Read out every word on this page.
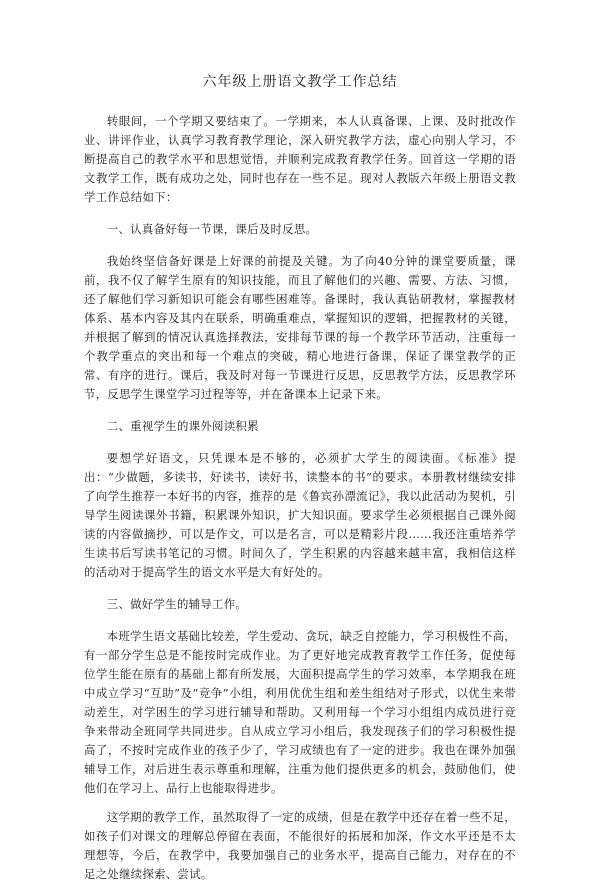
六年级上册语文教学工作总结

转眼间，一个学期又要结束了。一学期来，本人认真备课、上课、及时批改作业、讲评作业，认真学习教育教学理论，深入研究教学方法，虚心向别人学习，不断提高自己的教学水平和思想觉悟，并顺利完成教育教学任务。回首这一学期的语文教学工作，既有成功之处，同时也存在一些不足。现对人教版六年级上册语文教学工作总结如下：

一、认真备好每一节课，课后及时反思。

我始终坚信备好课是上好课的前提及关键。为了向40分钟的课堂要质量，课前，我不仅了解学生原有的知识技能，而且了解他们的兴趣、需要、方法、习惯，还了解他们学习新知识可能会有哪些困难等。备课时，我认真钻研教材，掌握教材体系、基本内容及其内在联系，明确重难点，掌握知识的逻辑，把握教材的关键，并根据了解到的情况认真选择教法，安排每节课的每一个教学环节活动，注重每一个教学重点的突出和每一个难点的突破，精心地进行备课，保证了课堂教学的正常、有序的进行。课后，我及时对每一节课进行反思，反思教学方法，反思教学环节，反思学生课堂学习过程等等，并在备课本上记录下来。

二、重视学生的课外阅读积累

要想学好语文，只凭课本是不够的，必须扩大学生的阅读面。《标准》提出：“少做题，多读书，好读书，读好书，读整本的书”的要求。本册教材继续安排了向学生推荐一本好书的内容，推荐的是《鲁宾孙漂流记》，我以此活动为契机，引导学生阅读课外书籍，积累课外知识，扩大知识面。要求学生必须根据自己课外阅读的内容做摘抄，可以是作文，可以是名言，可以是精彩片段……我还注重培养学生读书后写读书笔记的习惯。时间久了，学生积累的内容越来越丰富，我相信这样的活动对于提高学生的语文水平是大有好处的。

三、做好学生的辅导工作。

本班学生语文基础比较差，学生爱动、贪玩，缺乏自控能力，学习积极性不高，有一部分学生总是不能按时完成作业。为了更好地完成教育教学工作任务，促使每位学生能在原有的基础上都有所发展，大面积提高学生的学习效率，本学期我在班中成立学习“互助”及“竞争”小组，利用优优生组和差生组结对子形式，以优生来带动差生，对学困生的学习进行辅导和帮助。又利用每一个学习小组组内成员进行竞争来带动全班同学共同进步。自从成立学习小组后，我发现孩子们的学习积极性提高了，不按时完成作业的孩子少了，学习成绩也有了一定的进步。我也在课外加强辅导工作，对后进生表示尊重和理解，注重为他们提供更多的机会，鼓励他们，使他们在学习上、品行上也能取得进步。

这学期的教学工作，虽然取得了一定的成绩，但是在教学中还存在着一些不足，如孩子们对课文的理解总停留在表面，不能很好的拓展和加深，作文水平还是不太理想等，今后，在教学中，我要加强自己的业务水平，提高自己能力，对存在的不足之处继续探索、尝试。
